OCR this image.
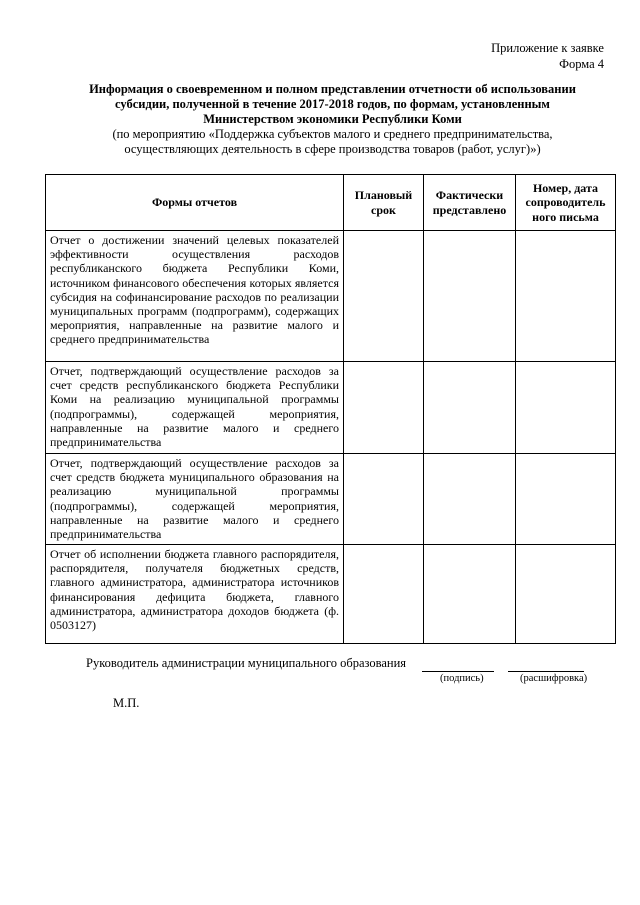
Приложение к заявке
Форма 4
Информация о своевременном и полном представлении отчетности об использовании
субсидии, полученной в течение 2017-2018 годов, по формам, установленным
Министерством экономики Республики Коми
(по мероприятию «Поддержка субъектов малого и среднего предпринимательства,
осуществляющих деятельность в сфере производства товаров (работ, услуг)»)
Формы отчетов	Плановый срок	Фактически представлено	Номер, дата сопроводитель ного письма
Отчет о достижении значений целевых показателей эффективности осуществления расходов республиканского бюджета Республики Коми, источником финансового обеспечения которых является субсидия на софинансирование расходов по реализации муниципальных программ (подпрограмм), содержащих мероприятия, направленные на развитие малого и среднего предпринимательства			
Отчет, подтверждающий осуществление расходов за счет средств республиканского бюджета Республики Коми на реализацию муниципальной программы (подпрограммы), содержащей мероприятия, направленные на развитие малого и среднего предпринимательства			
Отчет, подтверждающий осуществление расходов за счет средств бюджета муниципального образования на реализацию муниципальной программы (подпрограммы), содержащей мероприятия, направленные на развитие малого и среднего предпринимательства			
Отчет об исполнении бюджета главного распорядителя, распорядителя, получателя бюджетных средств, главного администратора, администратора источников финансирования дефицита бюджета, главного администратора, администратора доходов бюджета (ф. 0503127)			
Руководитель администрации муниципального образования
(подпись)	(расшифровка)
М.П.
